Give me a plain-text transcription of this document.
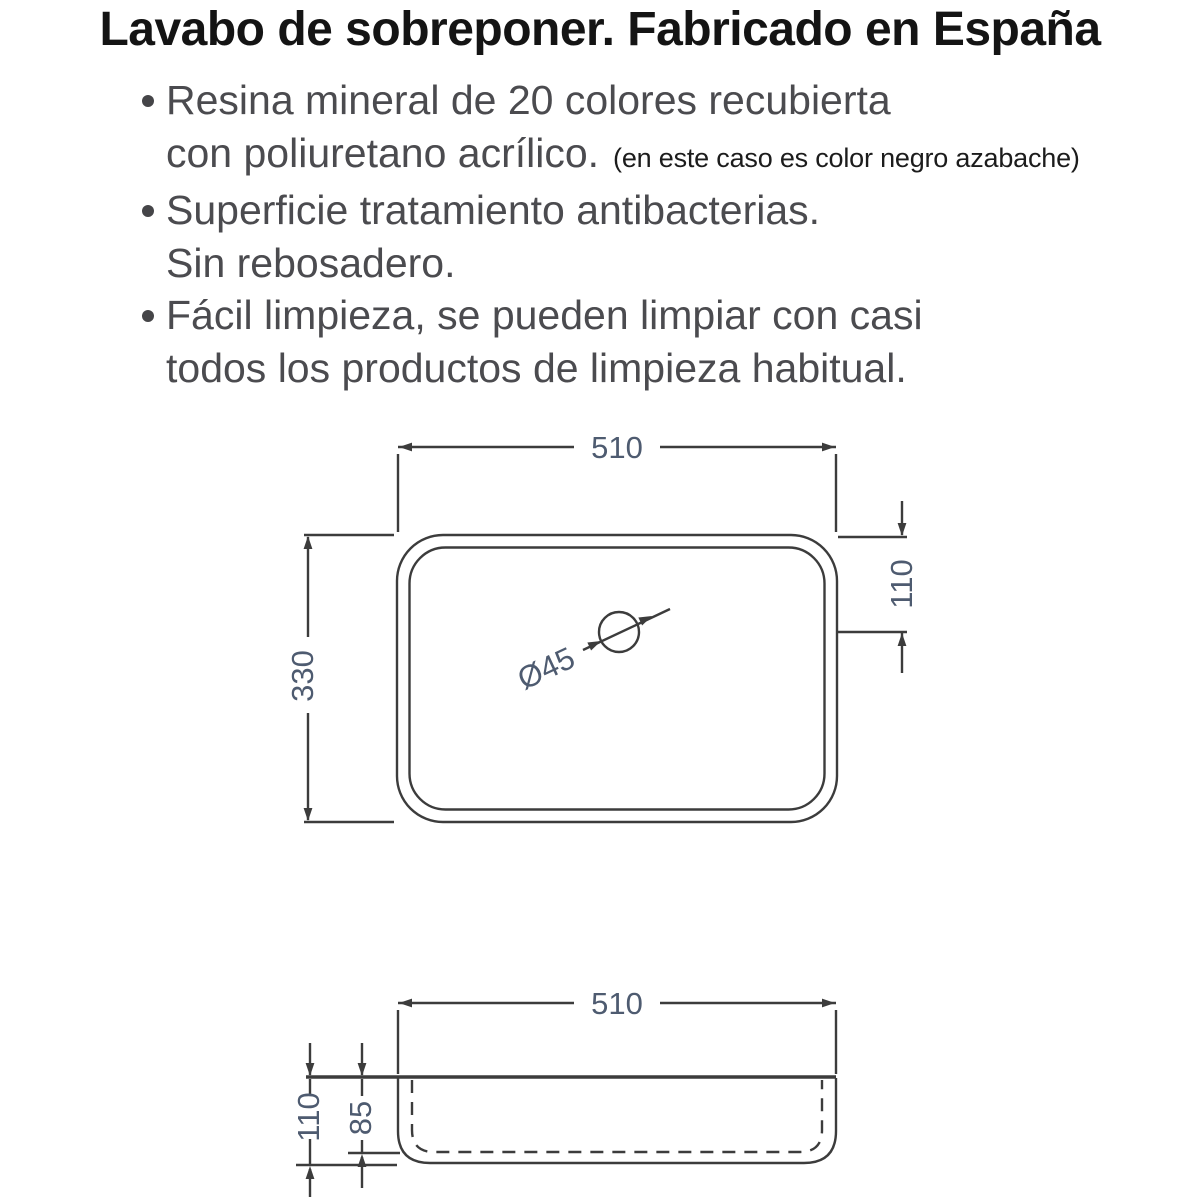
Lavabo de sobreponer. Fabricado en España
Resina mineral de 20 colores recubierta
con poliuretano acrílico. (en este caso es color negro azabache)
Superficie tratamiento antibacterias.
Sin rebosadero.
Fácil limpieza, se pueden limpiar con casi
todos los productos de limpieza habitual.
Ø45
510
330
110
510
110 85
